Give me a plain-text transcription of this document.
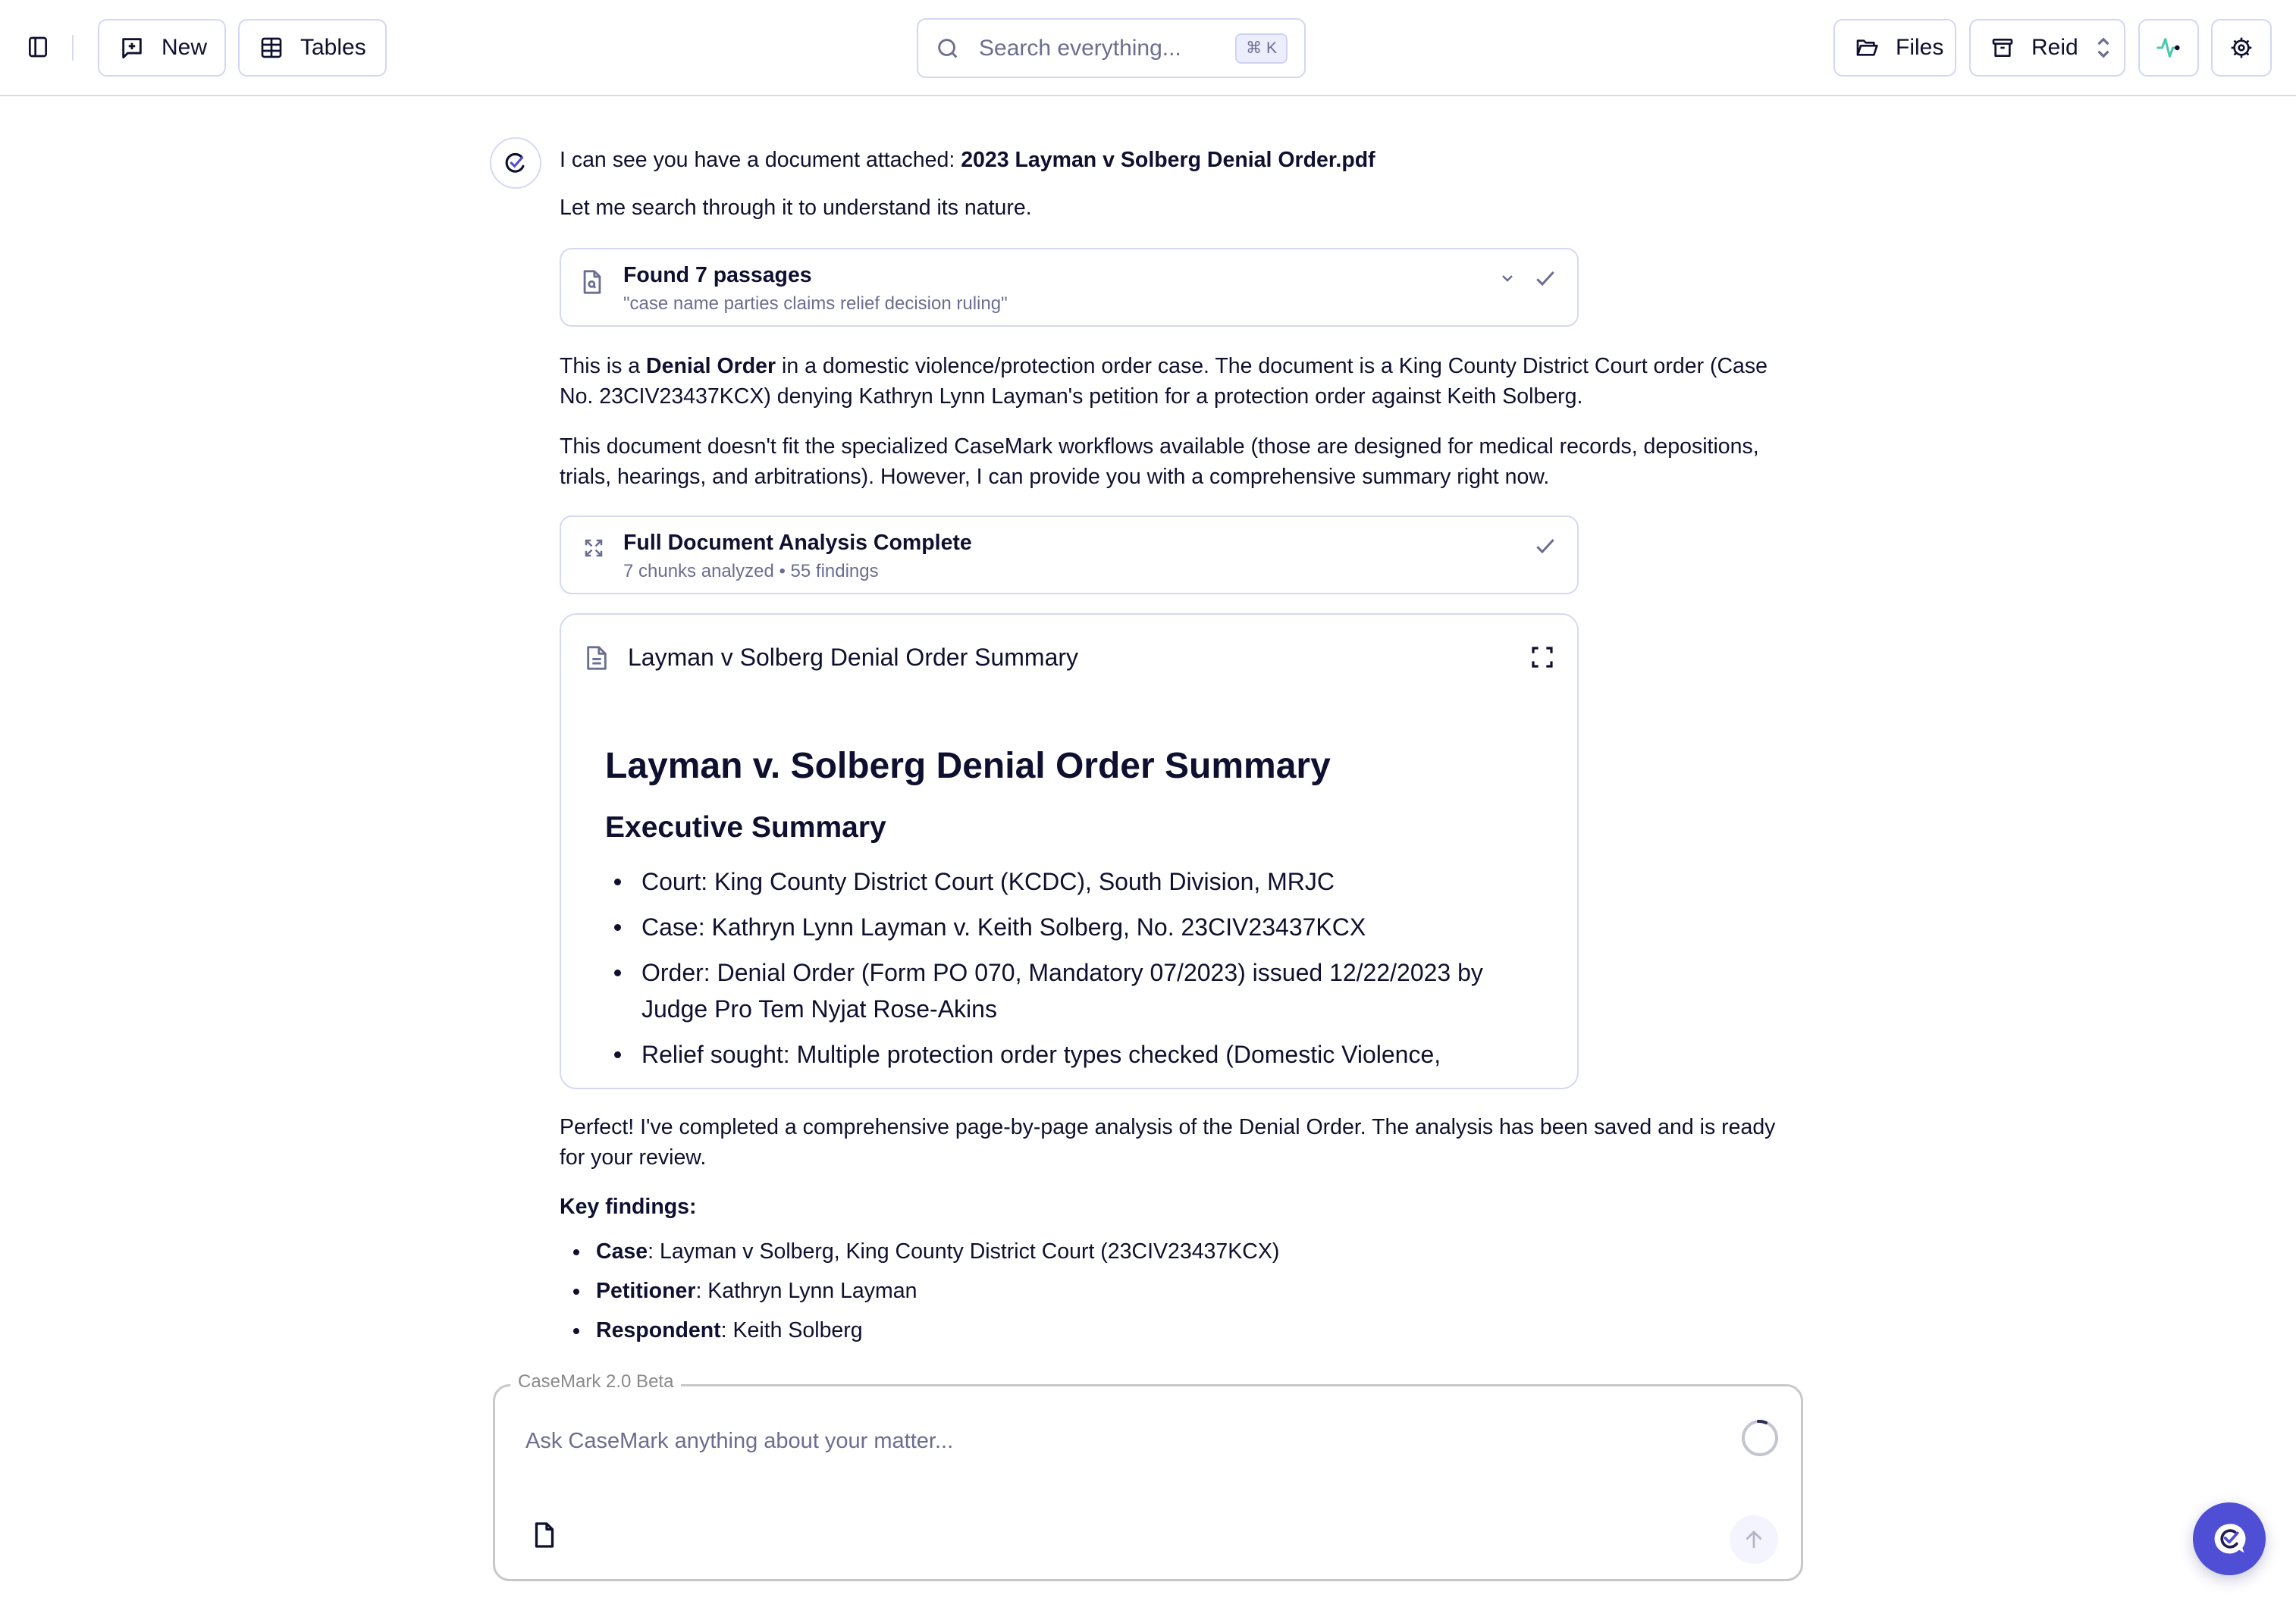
New	Tables
Search everything...	⌘ K	Files	Reid

I can see you have a document attached: 2023 Layman v Solberg Denial Order.pdf

Let me search through it to understand its nature.

Found 7 passages
"case name parties claims relief decision ruling"

This is a Denial Order in a domestic violence/protection order case. The document is a King County District Court order (Case No. 23CIV23437KCX) denying Kathryn Lynn Layman's petition for a protection order against Keith Solberg.

This document doesn't fit the specialized CaseMark workflows available (those are designed for medical records, depositions, trials, hearings, and arbitrations). However, I can provide you with a comprehensive summary right now.

Full Document Analysis Complete
7 chunks analyzed • 55 findings
Layman v Solberg Denial Order Summary
Layman v. Solberg Denial Order Summary
Executive Summary
Court: King County District Court (KCDC), South Division, MRJC
Case: Kathryn Lynn Layman v. Keith Solberg, No. 23CIV23437KCX
Order: Denial Order (Form PO 070, Mandatory 07/2023) issued 12/22/2023 by Judge Pro Tem Nyjat Rose-Akins
Relief sought: Multiple protection order types checked (Domestic Violence,

Perfect! I've completed a comprehensive page-by-page analysis of the Denial Order. The analysis has been saved and is ready for your review.

Key findings:

Case: Layman v Solberg, King County District Court (23CIV23437KCX)
Petitioner: Kathryn Lynn Layman
Respondent: Keith Solberg
CaseMark 2.0 Beta
Ask CaseMark anything about your matter...
